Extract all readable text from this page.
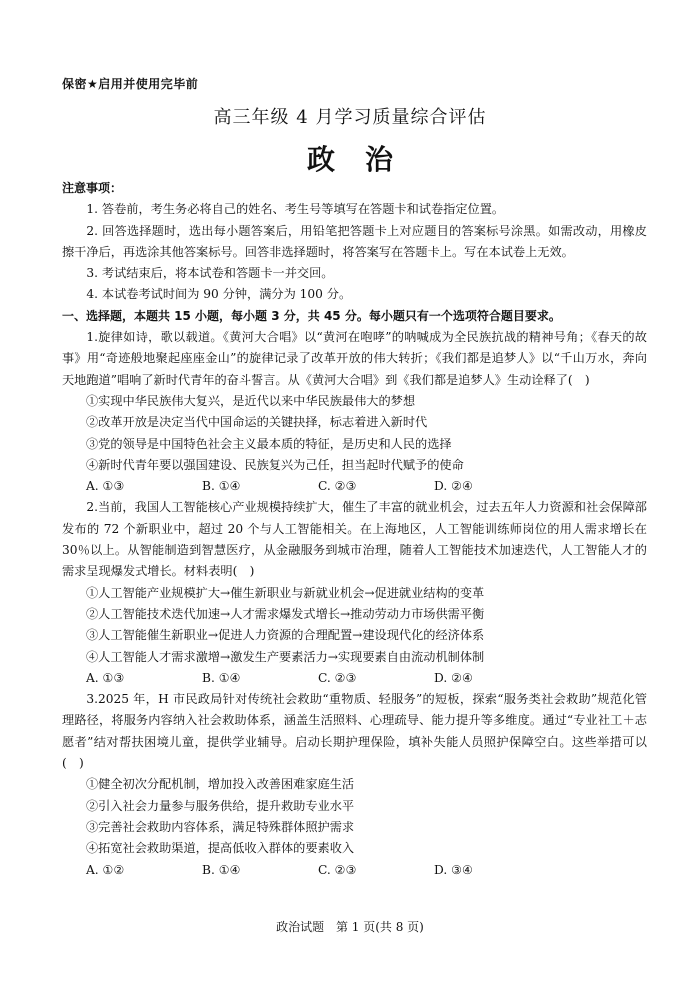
保密★启用并使用完毕前
高三年级 4 月学习质量综合评估
政治
注意事项：

1. 答卷前，考生务必将自己的姓名、考生号等填写在答题卡和试卷指定位置。

2. 回答选择题时，选出每小题答案后，用铅笔把答题卡上对应题目的答案标号涂黑。如需改动，用橡皮擦干净后，再选涂其他答案标号。回答非选择题时，将答案写在答题卡上。写在本试卷上无效。

3. 考试结束后，将本试卷和答题卡一并交回。

4. 本试卷考试时间为 90 分钟，满分为 100 分。

一、选择题，本题共 15 小题，每小题 3 分，共 45 分。每小题只有一个选项符合题目要求。

1.旋律如诗，歌以载道。《黄河大合唱》以“黄河在咆哮”的呐喊成为全民族抗战的精神号角；《春天的故事》用“奇迹般地聚起座座金山”的旋律记录了改革开放的伟大转折；《我们都是追梦人》以“千山万水，奔向天地跑道”唱响了新时代青年的奋斗誓言。从《黄河大合唱》到《我们都是追梦人》生动诠释了(　)

①实现中华民族伟大复兴，是近代以来中华民族最伟大的梦想

②改革开放是决定当代中国命运的关键抉择，标志着进入新时代

③党的领导是中国特色社会主义最本质的特征，是历史和人民的选择

④新时代青年要以强国建设、民族复兴为己任，担当起时代赋予的使命

A. ①③	B. ①④	C. ②③	D. ②④

2.当前，我国人工智能核心产业规模持续扩大，催生了丰富的就业机会，过去五年人力资源和社会保障部发布的 72 个新职业中，超过 20 个与人工智能相关。在上海地区，人工智能训练师岗位的用人需求增长在 30％以上。从智能制造到智慧医疗，从金融服务到城市治理，随着人工智能技术加速迭代，人工智能人才的需求呈现爆发式增长。材料表明(　)

①人工智能产业规模扩大→催生新职业与新就业机会→促进就业结构的变革

②人工智能技术迭代加速→人才需求爆发式增长→推动劳动力市场供需平衡

③人工智能催生新职业→促进人力资源的合理配置→建设现代化的经济体系

④人工智能人才需求激增→激发生产要素活力→实现要素自由流动机制体制

A. ①③	B. ①④	C. ②③	D. ②④

3.2025 年，H 市民政局针对传统社会救助“重物质、轻服务”的短板，探索“服务类社会救助”规范化管理路径，将服务内容纳入社会救助体系，涵盖生活照料、心理疏导、能力提升等多维度。通过“专业社工＋志愿者”结对帮扶困境儿童，提供学业辅导。启动长期护理保险，填补失能人员照护保障空白。这些举措可以(　)

①健全初次分配机制，增加投入改善困难家庭生活

②引入社会力量参与服务供给，提升救助专业水平

③完善社会救助内容体系，满足特殊群体照护需求

④拓宽社会救助渠道，提高低收入群体的要素收入

A. ①②	B. ①④	C. ②③	D. ③④
政治试题 第 1 页(共 8 页)
